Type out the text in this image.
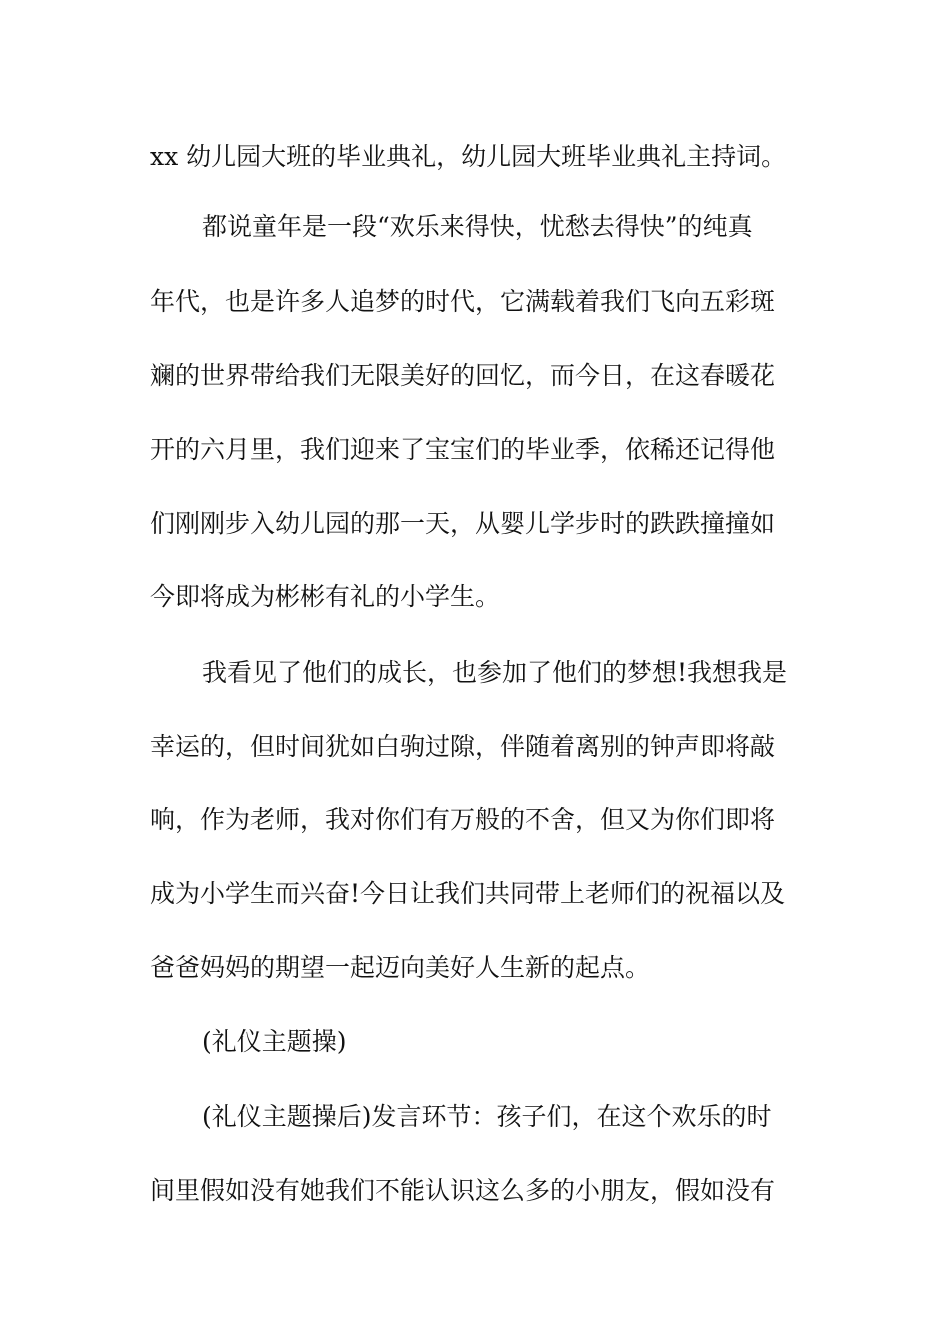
xx 幼儿园大班的毕业典礼，幼儿园大班毕业典礼主持词。

都说童年是一段“欢乐来得快，忧愁去得快”的纯真

年代，也是许多人追梦的时代，它满载着我们飞向五彩斑

斓的世界带给我们无限美好的回忆，而今日，在这春暖花

开的六月里，我们迎来了宝宝们的毕业季，依稀还记得他

们刚刚步入幼儿园的那一天，从婴儿学步时的跌跌撞撞如

今即将成为彬彬有礼的小学生。

我看见了他们的成长，也参加了他们的梦想!我想我是

幸运的，但时间犹如白驹过隙，伴随着离别的钟声即将敲

响，作为老师，我对你们有万般的不舍，但又为你们即将

成为小学生而兴奋!今日让我们共同带上老师们的祝福以及

爸爸妈妈的期望一起迈向美好人生新的起点。

(礼仪主题操)

(礼仪主题操后)发言环节：孩子们，在这个欢乐的时

间里假如没有她我们不能认识这么多的小朋友，假如没有
